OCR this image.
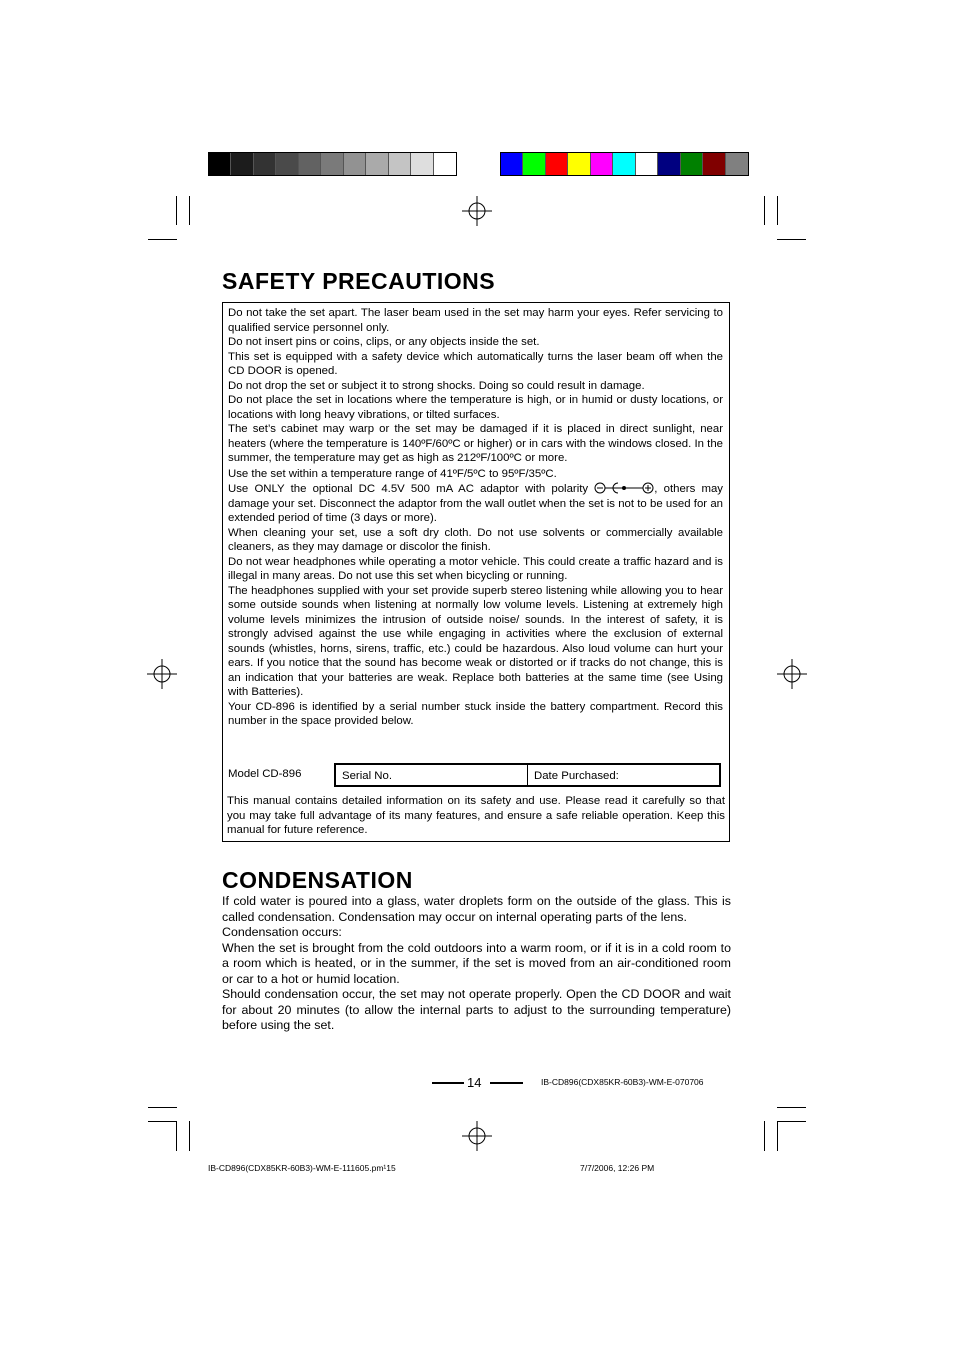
SAFETY PRECAUTIONS

Do not take the set apart. The laser beam used in the set may harm your eyes. Refer servicing to qualified service personnel only.

Do not insert pins or coins, clips, or any objects inside the set.

This set is equipped with a safety device which automatically turns the laser beam off when the CD DOOR is opened.

Do not drop the set or subject it to strong shocks. Doing so could result in damage.

Do not place the set in locations where the temperature is high, or in humid or dusty locations, or locations with long heavy vibrations, or tilted surfaces.

The set’s cabinet may warp or the set may be damaged if it is placed in direct sunlight, near heaters (where the temperature is 140ºF/60ºC or higher) or in cars with the windows closed. In the summer, the temperature may get as high as 212ºF/100ºC or more.

Use the set within a temperature range of 41ºF/5ºC to 95ºF/35ºC.

Use ONLY the optional DC 4.5V 500 mA AC adaptor with polarity	, others may damage your set. Disconnect the adaptor from the wall outlet when the set is not to be used for an extended period of time (3 days or more).

When cleaning your set, use a soft dry cloth. Do not use solvents or commercially available cleaners, as they may damage or discolor the finish.

Do not wear headphones while operating a motor vehicle. This could create a traffic hazard and is illegal in many areas. Do not use this set when bicycling or running.

The headphones supplied with your set provide superb stereo listening while allowing you to hear some outside sounds when listening at normally low volume levels. Listening at extremely high volume levels minimizes the intrusion of outside noise/ sounds. In the interest of safety, it is strongly advised against the use while engaging in activities where the exclusion of external sounds (whistles, horns, sirens, traffic, etc.) could be hazardous. Also loud volume can hurt your ears. If you notice that the sound has become weak or distorted or if tracks do not change, this is an indication that your batteries are weak. Replace both batteries at the same time (see Using with Batteries).

Your CD-896 is identified by a serial number stuck inside the battery compartment. Record this number in the space provided below.

Model CD-896	Serial No.	Date Purchased:
This manual contains detailed information on its safety and use. Please read it carefully so that you may take full advantage of its many features, and ensure a safe reliable operation. Keep this manual for future reference.
CONDENSATION

If cold water is poured into a glass, water droplets form on the outside of the glass. This is called condensation. Condensation may occur on internal operating parts of the lens.

Condensation occurs:

When the set is brought from the cold outdoors into a warm room, or if it is in a cold room to a room which is heated, or in the summer, if the set is moved from an air-conditioned room or car to a hot or humid location.

Should condensation occur, the set may not operate properly. Open the CD DOOR and wait for about 20 minutes (to allow the internal parts to adjust to the surrounding temperature) before using the set.

14	IB-CD896(CDX85KR-60B3)-WM-E-070706
IB-CD896(CDX85KR-60B3)-WM-E-111605.pm¹15	7/7/2006, 12:26 PM
